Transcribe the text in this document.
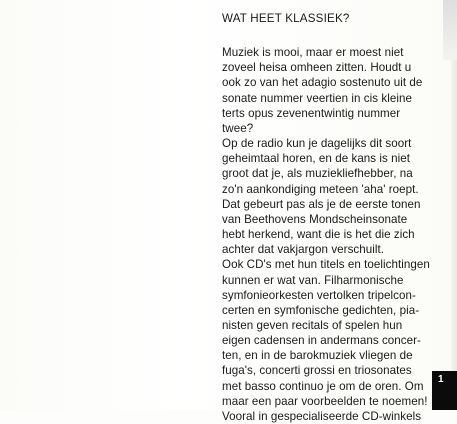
WAT HEET KLASSIEK?
Muziek is mooi, maar er moest niet
zoveel heisa omheen zitten. Houdt u
ook zo van het adagio sostenuto uit de
sonate nummer veertien in cis kleine
terts opus zevenentwintig nummer
twee?
Op de radio kun je dagelijks dit soort
geheimtaal horen, en de kans is niet
groot dat je, als muziekliefhebber, na
zo'n aankondiging meteen 'aha' roept.
Dat gebeurt pas als je de eerste tonen
van Beethovens Mondscheinsonate
hebt herkend, want die is het die zich
achter dat vakjargon verschuilt.
Ook CD's met hun titels en toelichtingen
kunnen er wat van. Filharmonische
symfonieorkesten vertolken tripelcon-
certen en symfonische gedichten, pia-
nisten geven recitals of spelen hun
eigen cadensen in andermans concer-
ten, en in de barokmuziek vliegen de
fuga's, concerti grossi en triosonates
met basso continuo je om de oren. Om
maar een paar voorbeelden te noemen!
Vooral in gespecialiseerde CD-winkels
1
